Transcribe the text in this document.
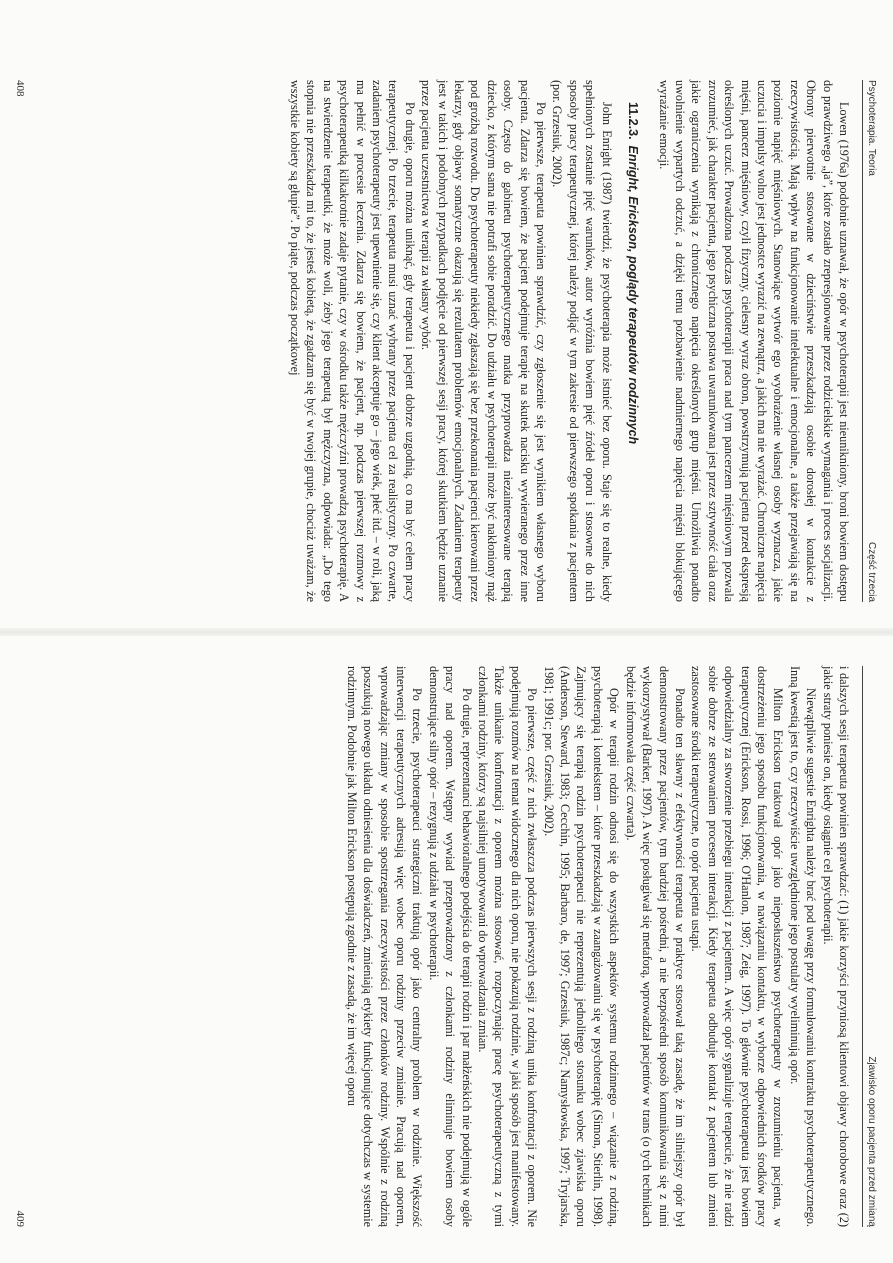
Psychoterapia. Teoria
Część trzecia

Lowen (1976a) podobnie uznawał, że opór w psychoterapii jest nieunikniony, broni bowiem dostępu do prawdziwego „ja”, które zostało zrepresjonowane przez rodzicielskie wymagania i proces socjalizacji. Obrony pierwotnie stosowane w dzieciństwie przeszkadzają osobie dorosłej w kontakcie z rzeczywistością. Mają wpływ na funkcjonowanie intelektualne i emocjonalne, a także przejawiają się na poziomie napięć mięśniowych. Stanowiące wytwór ego wyobrażenie własnej osoby wyznacza, jakie uczucia i impulsy wolno jest jednostce wyrazić na zewnątrz, a jakich ma nie wyrażać. Chroniczne napięcia mięśni, pancerz mięśniowy, czyli fizyczny, cielesny wyraz obron, powstrzymują pacjenta przed ekspresją określonych uczuć. Prowadzona podczas psychoterapii praca nad tym pancerzem mięśniowym pozwala zrozumieć, jak charakter pacjenta, jego psychiczna postawa uwarunkowana jest przez sztywność ciała oraz jakie ograniczenia wynikają z chronicznego napięcia określonych grup mięśni. Umożliwia ponadto uwolnienie wypartych odczuć, a dzięki temu pozbawienie nadmiernego napięcia mięśni blokującego wyrażanie emocji.

11.2.3.Enright, Erickson, poglądy terapeutów rodzinnych

John Enright (1987) twierdzi, że psychoterapia może istnieć bez oporu. Staje się to realne, kiedy spełnionych zostanie pięć warunków, autor wyróżnia bowiem pięć źródeł oporu i stosowne do nich sposoby pracy terapeutycznej, której należy podjąć w tym zakresie od pierwszego spotkania z pacjentem (por. Grzesiuk, 2002).

Po pierwsze, terapeuta powinien sprawdzić, czy zgłoszenie się jest wynikiem własnego wyboru pacjenta. Zdarza się bowiem, że pacjent podejmuje terapię na skutek nacisku wywieranego przez inne osoby. Często do gabinetu psychoterapeutycznego matka przyprowadza niezainteresowane terapią dziecko, z którym sama nie potrafi sobie poradzić. Do udziału w psychoterapii może być nakłoniony mąż pod groźbą rozwodu. Do psychoterapeuty niekiedy zgłaszają się bez przekonania pacjenci kierowani przez lekarzy, gdy objawy somatyczne okazują się rezultatem problemów emocjonalnych. Zadaniem terapeuty jest w takich i podobnych przypadkach podjęcie od pierwszej sesji pracy, której skutkiem będzie uznanie przez pacjenta uczestnictwa w terapii za własny wybór.

Po drugie, oporu można uniknąć, gdy terapeuta i pacjent dobrze uzgodnią, co ma być celem pracy terapeutycznej. Po trzecie, terapeuta musi uznać wybrany przez pacjenta cel za realistyczny. Po czwarte, zadaniem psychoterapeuty jest upewnienie się, czy klient akceptuje go – jego wiek, płeć itd. – w roli, jaką ma pełnić w procesie leczenia. Zdarza się bowiem, że pacjent, np. podczas pierwszej rozmowy z psychoterapeutką kilkakrotnie zadaje pytanie, czy w ośrodku także mężczyźni prowadzą psychoterapię. A na stwierdzenie terapeutki, że może woli, żeby jego terapeutą był mężczyzna, odpowiada: „Do tego stopnia nie przeszkadza mi to, że jesteś kobietą, że zgadzam się być w twojej grupie, chociaż uważam, że wszystkie kobiety są głupie”. Po piąte, podczas początkowej

408
Zjawisko oporu pacjenta przed zmianą

i dalszych sesji terapeuta powinien sprawdzać: (1) jakie korzyści przyniosą klientowi objawy chorobowe oraz (2) jakie straty poniesie on, kiedy osiągnie cel psychoterapii.

Niewątpliwie sugestie Enrighta należy brać pod uwagę przy formułowaniu kontraktu psychoterapeutycznego. Inną kwestią jest to, czy rzeczywiście uwzględnione jego postulaty wyeliminują opór.

Milton Erickson traktował opór jako nieposłuszeństwo psychoterapeuty w zrozumieniu pacjenta, w dostrzeżeniu jego sposobu funkcjonowania, w nawiązaniu kontaktu, w wyborze odpowiednich środków pracy terapeutycznej (Erickson, Rossi, 1996; O'Hanlon, 1987; Zeig, 1997). To głównie psychoterapeuta jest bowiem odpowiedzialny za stworzenie przebiegu interakcji z pacjentem. A więc opór sygnalizuje terapeucie, że nie radzi sobie dobrze ze sterowaniem procesem interakcji. Kiedy terapeuta odbuduje kontakt z pacjentem lub zmieni zastosowane środki terapeutyczne, to opór pacjenta ustąpi.

Ponadto ten sławny z efektywności terapeuta w praktyce stosował taką zasadę, że im silniejszy opór był demonstrowany przez pacjentów, tym bardziej pośredni, a nie bezpośredni sposób komunikowania się z nimi wykorzystywał (Barker, 1997). A więc posługiwał się metaforą, wprowadzał pacjentów w trans (o tych technikach będzie informowała część czwarta).

Opór w terapii rodzin odnosi się do wszystkich aspektów systemu rodzinnego – wiązanie z rodziną, psychoterapią i kontekstem – które przeszkadzają w zaangażowaniu się w psychoterapię (Simon, Stierlin, 1998). Zajmujący się terapią rodzin psychoterapeuci nie reprezentują jednolitego stosunku wobec zjawiska oporu (Anderson, Steward, 1983; Cecchin, 1995; Barbaro, de, 1997; Grzesiuk, 1987c; Namysłowska, 1997; Tryjarska, 1981; 1991c; por. Grzesiuk, 2002).

Po pierwsze, część z nich zwłaszcza podczas pierwszych sesji z rodziną unika konfrontacji z oporem. Nie podejmują rozmów na temat widocznego dla nich oporu, nie pokazują rodzinie, w jaki sposób jest manifestowany. Także unikanie konfrontacji z oporem można stosować, rozpoczynając pracę psychoterapeutyczną z tymi członkami rodziny, którzy są najsilniej umotywowani do wprowadzania zmian.

Po drugie, reprezentanci behawioralnego podejścia do terapii rodzin i par małżeńskich nie podejmują w ogóle pracy nad oporem. Wstępny wywiad przeprowadzony z członkami rodziny eliminuje bowiem osoby demonstrujące silny opór – rezygnują z udziału w psychoterapii.

Po trzecie, psychoterapeuci strategiczni traktują opór jako centralny problem w rodzinie. Większość interwencji terapeutycznych adresują więc wobec oporu rodziny przeciw zmianie. Pracują nad oporem, wprowadzając zmiany w sposobie spostrzegania rzeczywistości przez członków rodziny. Wspólnie z rodziną poszukują nowego układu odniesienia dla doświadczeń, zmieniają etykiety funkcjonujące dotychczas w systemie rodzinnym. Podobnie jak Milton Erickson postępują zgodnie z zasadą, że im więcej oporu

409
